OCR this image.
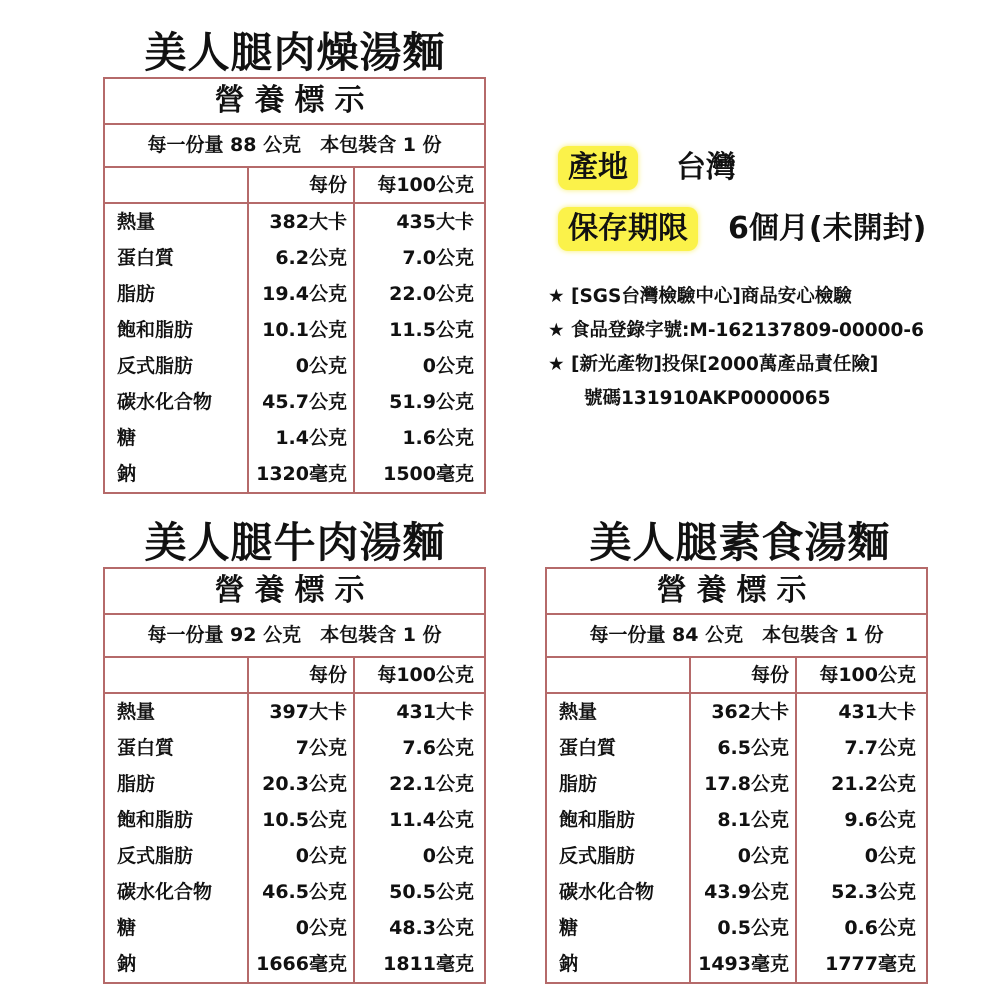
美人腿肉燥湯麵
營養標示
每一份量 88 公克　本包裝含 1 份
每份	每100公克
熱量	382大卡	435大卡
蛋白質	6.2公克	7.0公克
脂肪	19.4公克	22.0公克
飽和脂肪	10.1公克	11.5公克
反式脂肪	0公克	0公克
碳水化合物	45.7公克	51.9公克
糖	1.4公克	1.6公克
鈉	1320毫克	1500毫克
美人腿牛肉湯麵
營養標示
每一份量 92 公克　本包裝含 1 份
每份	每100公克
熱量	397大卡	431大卡
蛋白質	7公克	7.6公克
脂肪	20.3公克	22.1公克
飽和脂肪	10.5公克	11.4公克
反式脂肪	0公克	0公克
碳水化合物	46.5公克	50.5公克
糖	0公克	48.3公克
鈉	1666毫克	1811毫克
美人腿素食湯麵
營養標示
每一份量 84 公克　本包裝含 1 份
每份	每100公克
熱量	362大卡	431大卡
蛋白質	6.5公克	7.7公克
脂肪	17.8公克	21.2公克
飽和脂肪	8.1公克	9.6公克
反式脂肪	0公克	0公克
碳水化合物	43.9公克	52.3公克
糖	0.5公克	0.6公克
鈉	1493毫克	1777毫克
產地	台灣
保存期限	6個月(未開封)
★ [SGS台灣檢驗中心]商品安心檢驗
★ 食品登錄字號:M-162137809-00000-6
★ [新光產物]投保[2000萬產品責任險]
號碼131910AKP0000065
